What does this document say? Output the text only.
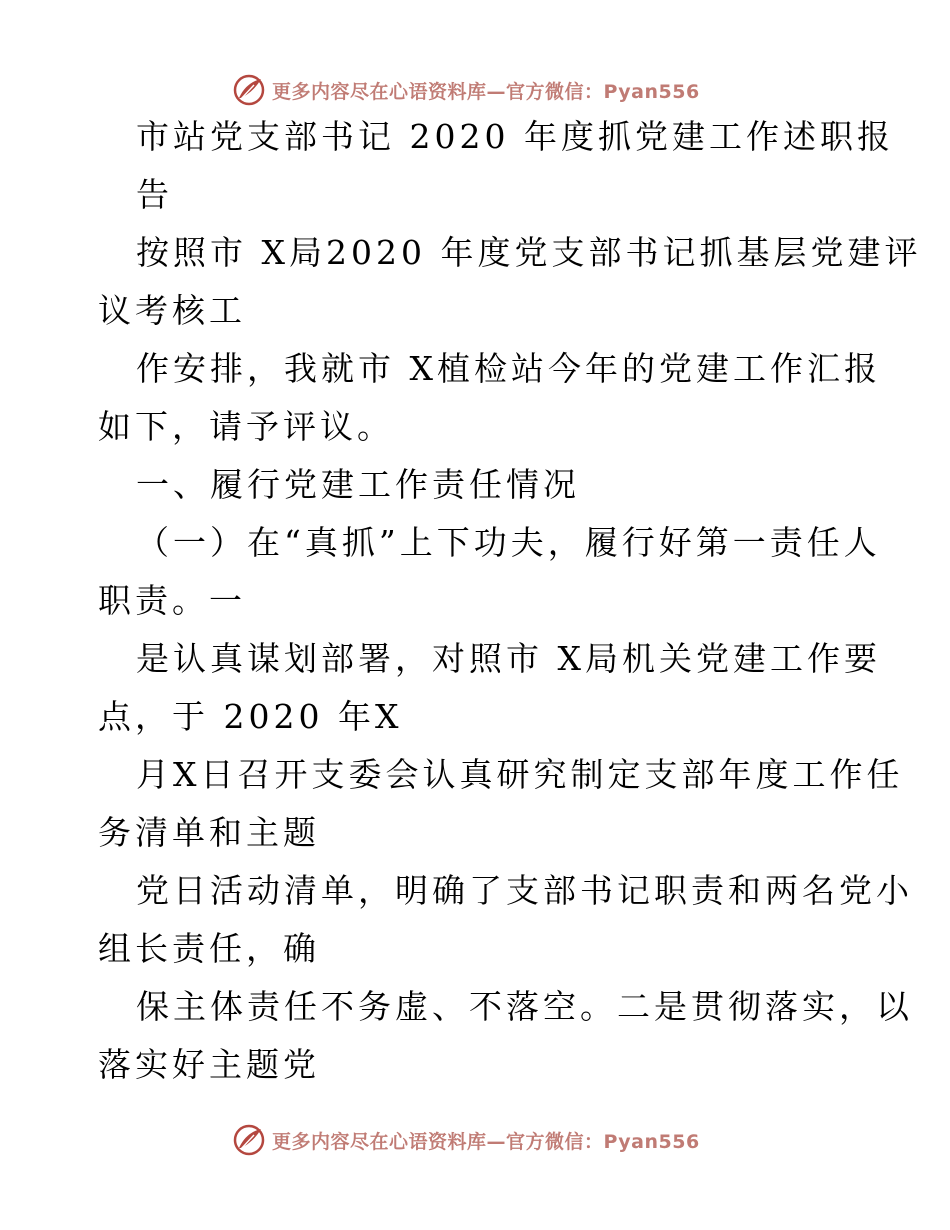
更多内容尽在心语资料库—官方微信：Pyan556
市站党支部书记 2020 年度抓党建工作述职报
告
按照市 X局2020 年度党支部书记抓基层党建评
议考核工
作安排，我就市 X植检站今年的党建工作汇报
如下，请予评议。
一、履行党建工作责任情况
（一）在“真抓”上下功夫，履行好第一责任人
职责。一
是认真谋划部署，对照市 X局机关党建工作要
点，于 2020 年X
月X日召开支委会认真研究制定支部年度工作任
务清单和主题
党日活动清单，明确了支部书记职责和两名党小
组长责任，确
保主体责任不务虚、不落空。二是贯彻落实，以
落实好主题党
更多内容尽在心语资料库—官方微信：Pyan556
